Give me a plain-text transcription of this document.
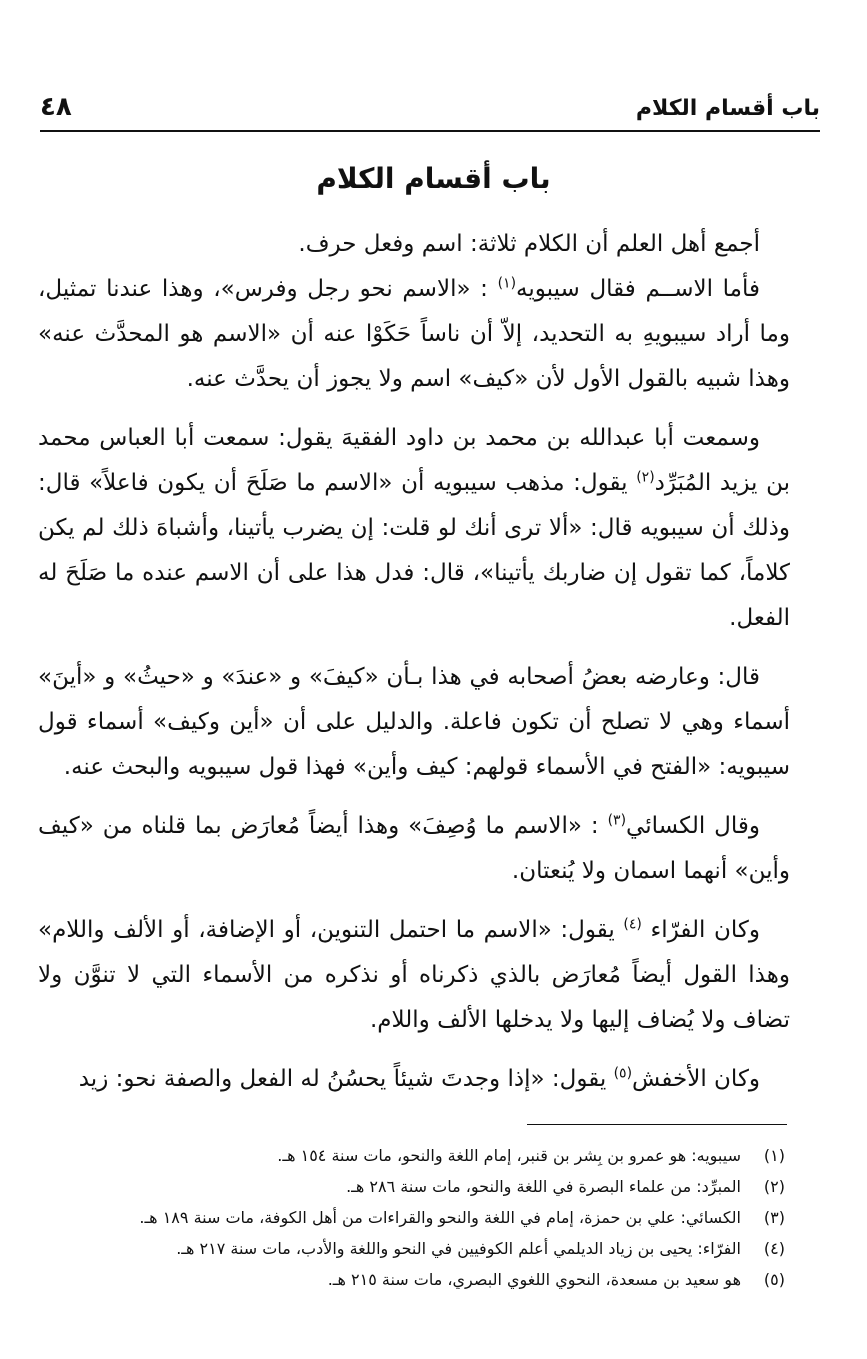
باب أقسام الكلام
٤٨
باب أقسام الكلام

أجمع أهل العلم أن الكلام ثلاثة: اسم وفعل حرف.

فأما الاســم فقال سيبويه$^{(١)}$ : «الاسم نحو رجل وفرس»، وهذا عندنا تمثيل، وما أراد سيبويهِ به التحديد، إلاّ أن ناساً حَكَوْا عنه أن «الاسم هو المحدَّث عنه» وهذا شبيه بالقول الأول لأن «كيف» اسم ولا يجوز أن يحدَّث عنه.

وسمعت أبا عبدالله بن محمد بن داود الفقيهَ يقول: سمعت أبا العباس محمد بن يزيد المُبَرِّد$^{(٢)}$ يقول: مذهب سيبويه أن «الاسم ما صَلَحَ أن يكون فاعلاً» قال: وذلك أن سيبويه قال: «ألا ترى أنك لو قلت: إن يضرب يأتينا، وأشباهَ ذلك لم يكن كلاماً، كما تقول إن ضاربك يأتينا»، قال: فدل هذا على أن الاسم عنده ما صَلَحَ له الفعل.

قال: وعارضه بعضُ أصحابه في هذا بـأن «كيفَ» و «عندَ» و «حيثُ» و «أينَ» أسماء وهي لا تصلح أن تكون فاعلة. والدليل على أن «أين وكيف» أسماء قول سيبويه: «الفتح في الأسماء قولهم: كيف وأين» فهذا قول سيبويه والبحث عنه.

وقال الكسائي$^{(٣)}$ : «الاسم ما وُصِفَ» وهذا أيضاً مُعارَض بما قلناه من «كيف وأين» أنهما اسمان ولا يُنعتان.

وكان الفرّاء $^{(٤)}$ يقول: «الاسم ما احتمل التنوين، أو الإضافة، أو الألف واللام» وهذا القول أيضاً مُعارَض بالذي ذكرناه أو نذكره من الأسماء التي لا تنوَّن ولا تضاف ولا يُضاف إليها ولا يدخلها الألف واللام.

وكان الأخفش$^{(٥)}$ يقول: «إذا وجدتَ شيئاً يحسُنُ له الفعل والصفة نحو: زيد

(١)
سيبويه: هو عمرو بن بِشر بن قنبر، إمام اللغة والنحو، مات سنة ١٥٤ هـ.
(٢)
المبرِّد: من علماء البصرة في اللغة والنحو، مات سنة ٢٨٦ هـ.
(٣)
الكسائي: علي بن حمزة، إمام في اللغة والنحو والقراءات من أهل الكوفة، مات سنة ١٨٩ هـ.
(٤)
الفرّاء: يحيى بن زياد الديلمي أعلم الكوفيين في النحو واللغة والأدب، مات سنة ٢١٧ هـ.
(٥)
هو سعيد بن مسعدة، النحوي اللغوي البصري، مات سنة ٢١٥ هـ.
